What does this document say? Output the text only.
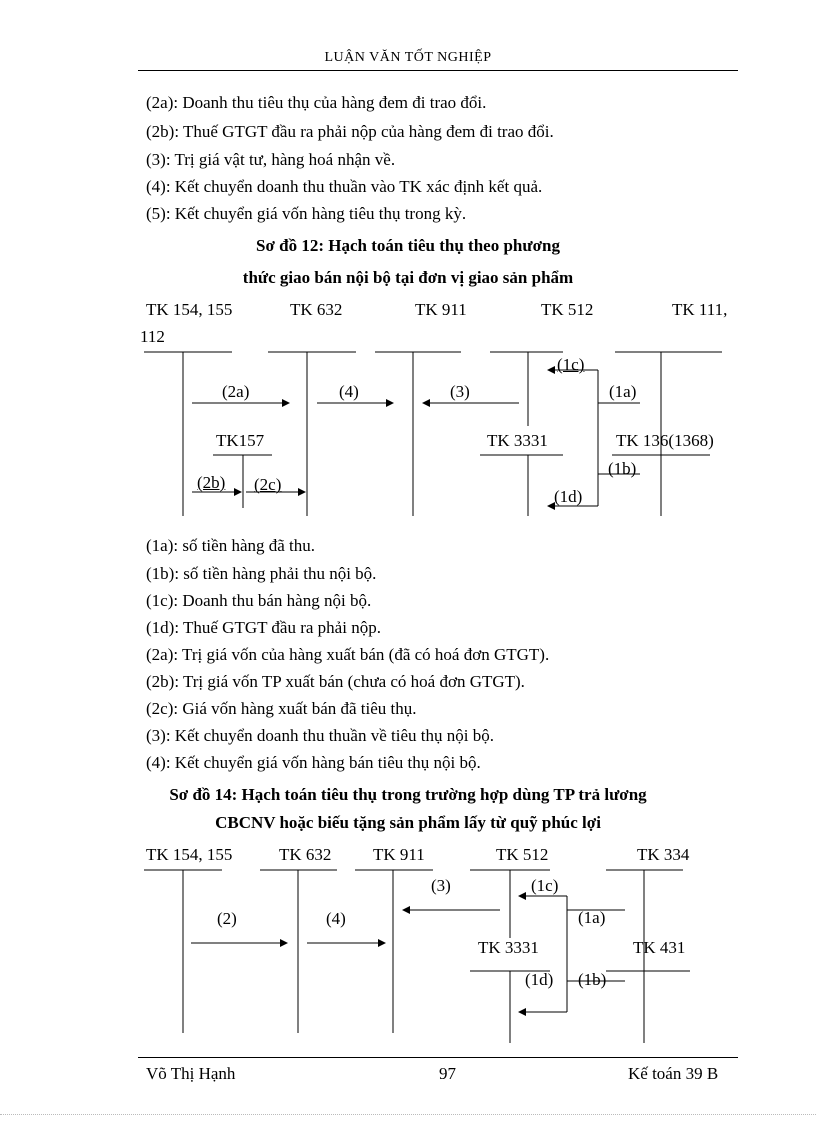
LUẬN VĂN TỐT NGHIỆP
(2a): Doanh thu tiêu thụ của hàng đem đi trao đổi.
(2b): Thuế GTGT đầu ra phải nộp của hàng đem đi trao đổi.
(3): Trị giá vật tư, hàng hoá nhận về.
(4): Kết chuyển doanh thu thuần vào TK xác định kết quả.
(5): Kết chuyển giá vốn hàng tiêu thụ trong kỳ.
Sơ đồ 12: Hạch toán tiêu thụ theo phương
thức giao bán nội bộ tại đơn vị giao sản phẩm
TK 154, 155	TK 632	TK 911	TK 512	TK 111,
112
TK157	TK 3331	TK 136(1368)
(2a)	(4)	(3)
(1c)
(1a)
(2b) (2c)
(1b)
(1d)
(1a): số tiền hàng đã thu.
(1b): số tiền hàng phải thu nội bộ.
(1c): Doanh thu bán hàng nội bộ.
(1d): Thuế GTGT đầu ra phải nộp.
(2a): Trị giá vốn của hàng xuất bán (đã có hoá đơn GTGT).
(2b): Trị giá vốn TP xuất bán (chưa có hoá đơn GTGT).
(2c): Giá vốn hàng xuất bán đã tiêu thụ.
(3): Kết chuyển doanh thu thuần về tiêu thụ nội bộ.
(4): Kết chuyển giá vốn hàng bán tiêu thụ nội bộ.
Sơ đồ 14: Hạch toán tiêu thụ trong trường hợp dùng TP trả lương
CBCNV hoặc biếu tặng sản phẩm lấy từ quỹ phúc lợi
TK 154, 155	TK 632 TK 911	TK 512	TK 334
TK 3331	TK 431
(3)	(1c)
(2)	(4)	(1a)
(1d) (1b)
Võ Thị Hạnh	97	Kế toán 39 B
